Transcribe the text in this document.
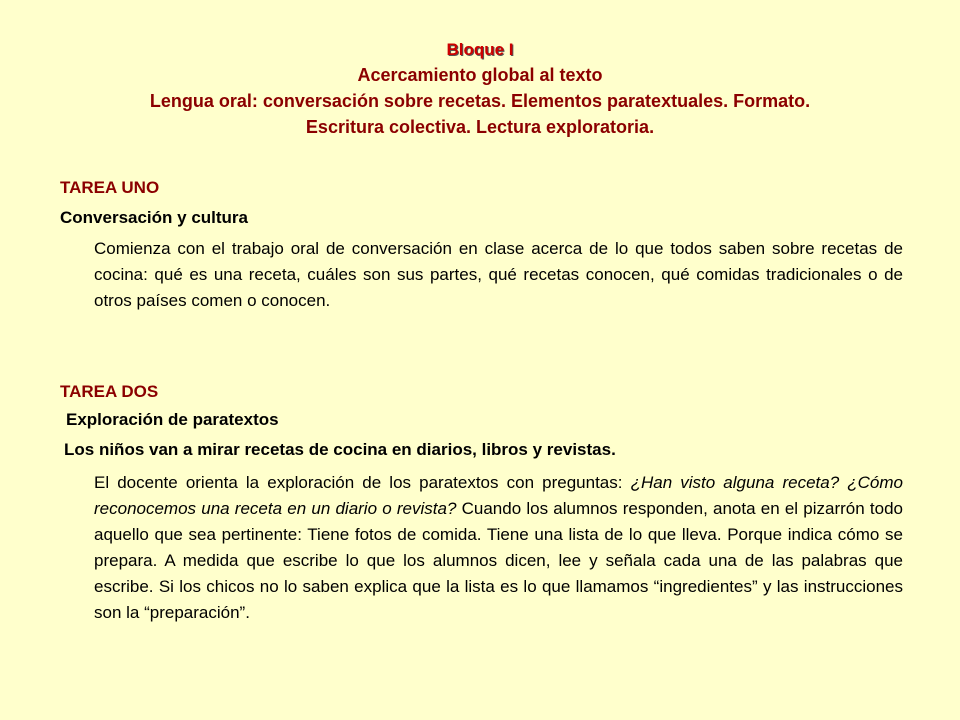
Bloque I
Acercamiento global al texto
Lengua oral: conversación sobre recetas. Elementos paratextuales. Formato.
Escritura colectiva. Lectura exploratoria.
TAREA UNO
Conversación y cultura

Comienza con el trabajo oral de conversación en clase acerca de lo que todos saben sobre recetas de cocina: qué es una receta, cuáles son sus partes, qué recetas conocen, qué comidas tradicionales o de otros países comen o conocen.

TAREA DOS
Exploración de paratextos
Los niños van a mirar recetas de cocina en diarios, libros y revistas.

El docente orienta la exploración de los paratextos con preguntas: ¿Han visto alguna receta? ¿Cómo reconocemos una receta en un diario o revista? Cuando los alumnos responden, anota en el pizarrón todo aquello que sea pertinente: Tiene fotos de comida. Tiene una lista de lo que lleva. Porque indica cómo se prepara. A medida que escribe lo que los alumnos dicen, lee y señala cada una de las palabras que escribe. Si los chicos no lo saben explica que la lista es lo que llamamos “ingredientes” y las instrucciones son la “preparación”.
